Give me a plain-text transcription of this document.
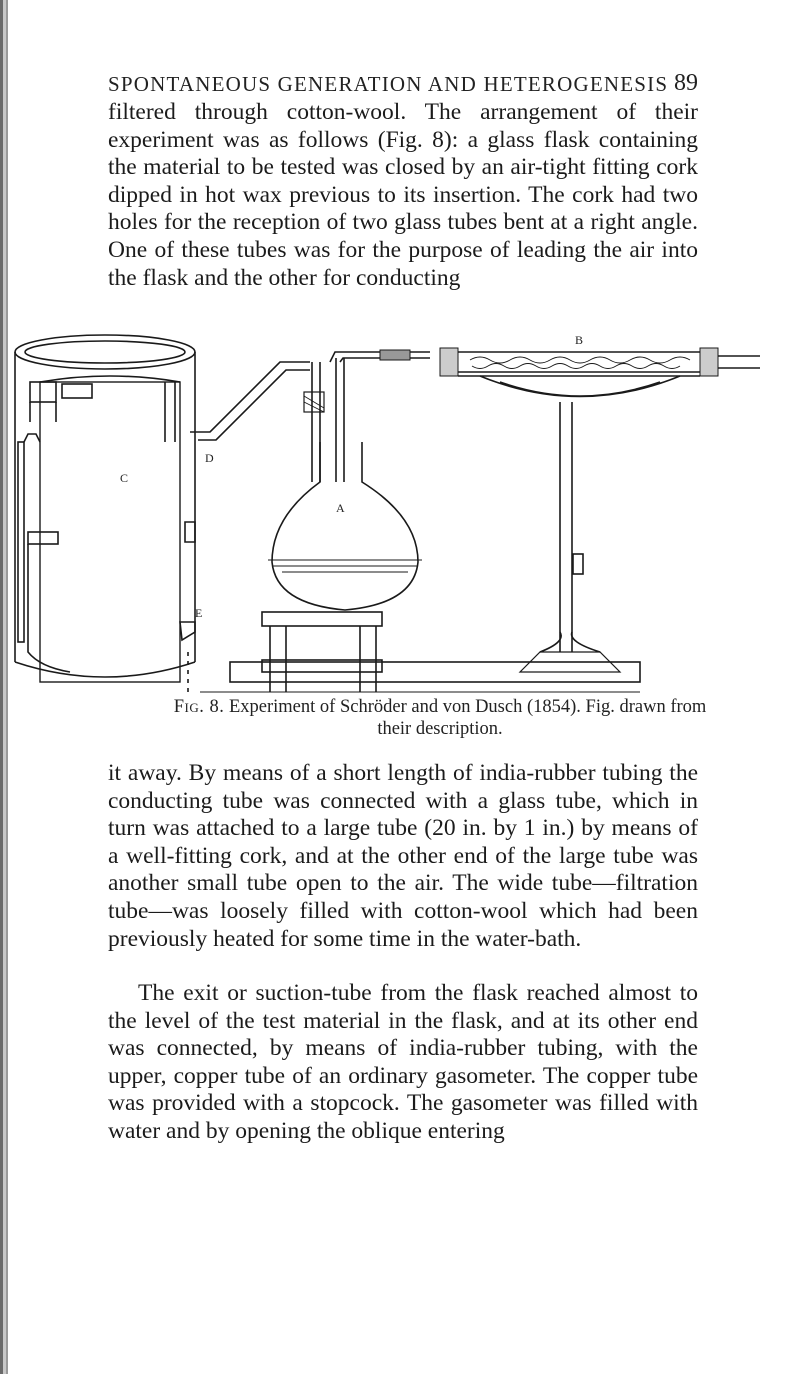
SPONTANEOUS GENERATION AND HETEROGENESIS 89

filtered through cotton-wool. The arrangement of their experiment was as follows (Fig. 8): a glass flask containing the material to be tested was closed by an air-tight fitting cork dipped in hot wax previous to its insertion. The cork had two holes for the reception of two glass tubes bent at a right angle. One of these tubes was for the purpose of leading the air into the flask and the other for conducting

C
D
A
B
E
Fig. 8. Experiment of Schröder and von Dusch (1854). Fig. drawn from their description.

it away. By means of a short length of india-rubber tubing the conducting tube was connected with a glass tube, which in turn was attached to a large tube (20 in. by 1 in.) by means of a well-fitting cork, and at the other end of the large tube was another small tube open to the air. The wide tube—filtration tube—was loosely filled with cotton-wool which had been previously heated for some time in the water-bath.

The exit or suction-tube from the flask reached almost to the level of the test material in the flask, and at its other end was connected, by means of india-rubber tubing, with the upper, copper tube of an ordinary gasometer. The copper tube was provided with a stopcock. The gasometer was filled with water and by opening the oblique entering
